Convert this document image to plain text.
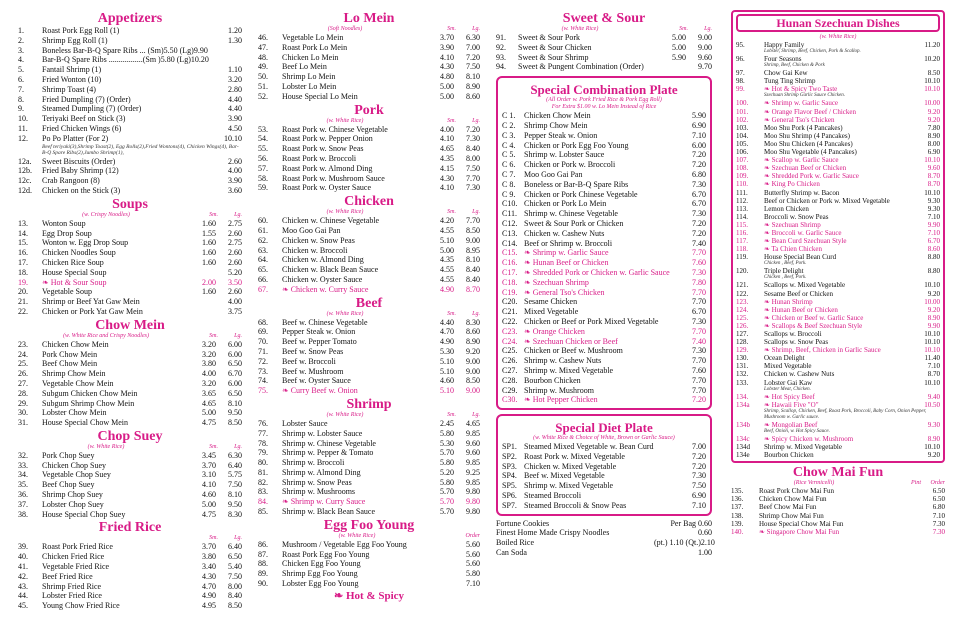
Appetizers
1.	Roast Pork Egg Roll (1)	1.20
2.	Shrimp Egg Roll (1)	1.30
3.	Boneless Bar-B-Q Spare Ribs ... (Sm)5.50 (Lg)9.90
4.	Bar-B-Q Spare Ribs .................(Sm )5.80 (Lg)10.20
5.	Fantail Shrimp (1)	1.10
6.	Fried Wonton (10)	3.20
7.	Shrimp Toast (4)	2.80
8.	Fried Dumpling (7) (Order)	4.40
9.	Steamed Dumpling (7) (Order)	4.40
10.	Teriyaki Beef on Stick (3)	3.90
11.	Fried Chicken Wings (6)	4.50
12.	Po Po Platter (For 2)	10.10
Beef teriyaki(3),Shrimp Toast(2), Egg Rolls(2),Fried Wontons(4), Chicken Wings(4), Bar-B-Q Spare Ribs(2),Jumbo Shrimp(1),
12a.	Sweet Biscuits (Order)	2.60
12b.	Fried Baby Shrimp (12)	4.00
12c.	Crab Rangoon (8)	3.90
12d.	Chicken on the Stick (3)	3.60
Soups
(w. Crispy Noodles)	Sm.	Lg.
13.	Wonton Soup	1.60	2.75
14.	Egg Drop Soup	1.55	2.60
15.	Wonton w. Egg Drop Soup	1.60	2.75
16.	Chicken Noodles Soup	1.60	2.60
17.	Chicken Rice Soup	1.60	2.60
18.	House Special Soup	5.20
19.	❧ Hot & Sour Soup	2.00	3.50
20.	Vegetable Soup	1.60	2.60
21.	Shrimp or Beef Yat Gaw Mein	4.00
22.	Chicken or Pork Yat Gaw Mein	3.75
Chow Mein
(w. White Rice and Crispy Noodles)	Sm.	Lg.
23.	Chicken Chow Mein	3.20	6.00
24.	Pork Chow Mein	3.20	6.00
25.	Beef Chow Mein	3.80	6.50
26.	Shrimp Chow Mein	4.00	6.70
27.	Vegetable Chow Mein	3.20	6.00
28.	Subgum Chicken Chow Mein	3.65	6.50
29.	Subgum Shrimp Chow Mein	4.65	8.10
30.	Lobster Chow Mein	5.00	9.50
31.	House Special Chow Mein	4.75	8.50
Chop Suey
(w. White Rice)	Sm.	Lg.
32.	Pork Chop Suey	3.45	6.30
33.	Chicken Chop Suey	3.70	6.40
34.	Vegetable Chop Suey	3.10	5.75
35.	Beef Chop Suey	4.10	7.50
36.	Shrimp Chop Suey	4.60	8.10
37.	Lobster Chop Suey	5.00	9.50
38.	House Special Chop Suey	4.75	8.30
Fried Rice
Sm.	Lg.
39.	Roast Pork Fried Rice	3.70	6.40
40.	Chicken Fried Rice	3.80	6.50
41.	Vegetable Fried Rice	3.40	5.40
42.	Beef Fried Rice	4.30	7.50
43.	Shrimp Fried Rice	4.70	8.00
44.	Lobster Fried Rice	4.90	8.40
45.	Young Chow Fried Rice	4.95	8.50
Lo Mein
(Soft Noodles)	Sm.	Lg.
46.	Vegetable Lo Mein	3.70	6.30
47.	Roast Pork Lo Mein	3.90	7.00
48.	Chicken Lo Mein	4.10	7.20
49.	Beef Lo Mein	4.30	7.50
50.	Shrimp Lo Mein	4.80	8.10
51.	Lobster Lo Mein	5.00	8.90
52.	House Special Lo Mein	5.00	8.60
Pork
(w. White Rice)	Sm.	Lg.
53.	Roast Pork w. Chinese Vegetable	4.00	7.20
54.	Roast Pork w. Pepper Onion	4.10	7.30
55.	Roast Pork w. Snow Peas	4.65	8.40
56.	Roast Pork w. Broccoli	4.35	8.00
57.	Roast Pork w. Almond Ding	4.15	7.50
58.	Roast Pork w. Mushroom Sauce	4.30	7.70
59.	Roast Pork w. Oyster Sauce	4.10	7.30
Chicken
(w. White Rice)	Sm.	Lg.
60.	Chicken w. Chinese Vegetable	4.20	7.70
61.	Moo Goo Gai Pan	4.55	8.50
62.	Chicken w. Snow Peas	5.10	9.00
63.	Chicken w. Broccoli	5.00	8.95
64.	Chicken w. Almond Ding	4.35	8.10
65.	Chicken w. Black Bean Sauce	4.55	8.40
66.	Chicken w. Oyster Sauce	4.55	8.40
67.	❧ Chicken w. Curry Sauce	4.90	8.70
Beef
(w. White Rice)	Sm.	Lg.
68.	Beef w. Chinese Vegetable	4.40	8.30
69.	Pepper Steak w. Onion	4.70	8.60
70.	Beef w. Pepper Tomato	4.90	8.90
71.	Beef w. Snow Peas	5.30	9.20
72.	Beef w. Broccoli	5.10	9.00
73.	Beef w. Mushroom	5.10	9.00
74.	Beef w. Oyster Sauce	4.60	8.50
75.	❧ Curry Beef w. Onion	5.10	9.00
Shrimp
(w. White Rice)	Sm.	Lg.
76.	Lobster Sauce	2.45	4.65
77.	Shrimp w. Lobster Sauce	5.80	9.85
78.	Shrimp w. Chinese Vegetable	5.30	9.60
79.	Shrimp w. Pepper & Tomato	5.70	9.60
80.	Shrimp w. Broccoli	5.80	9.85
81.	Shrimp w. Almond Ding	5.20	9.25
82.	Shrimp w. Snow Peas	5.80	9.85
83.	Shrimp w. Mushrooms	5.70	9.80
84.	❧ Shrimp w. Curry Sauce	5.70	9.80
85.	Shrimp w. Black Bean Sauce	5.70	9.80
Egg Foo Young
(w. White Rice)	Order
86.	Mushroom / Vegetable Egg Foo Young	5.60
87.	Roast Pork Egg Foo Young	5.60
88.	Chicken Egg Foo Young	5.60
89.	Shrimp Egg Foo Young	5.80
90.	Lobster Egg Foo Young	7.10
❧ Hot & Spicy
Sweet & Sour
(w. White Rice)	Sm.	Lg.
91.	Sweet & Sour Pork	5.00	9.00
92.	Sweet & Sour Chicken	5.00	9.00
93.	Sweet & Sour Shrimp	5.90	9.60
94.	Sweet & Pungent Combination (Order)	9.70
Special Combination Plate
(All Order w. Pork Fried Rice & Pork Egg Roll)
For Extra $1.00 w. Lo Mein Instead of Rice
C 1.	Chicken Chow Mein	5.90
C 2.	Shrimp Chow Mein	6.90
C 3.	Pepper Steak w. Onion	7.10
C 4.	Chicken or Pork Egg Foo Young	6.00
C 5.	Shrimp w. Lobster Sauce	7.20
C 6.	Chicken or Pork w. Broccoli	7.20
C 7.	Moo Goo Gai Pan	6.80
C 8.	Boneless or Bar-B-Q Spare Ribs	7.30
C 9.	Chicken or Pork Chinese Vegetable	6.70
C10. Chicken or Pork Lo Mein	6.70
C11. Shrimp w. Chinese Vegetable	7.30
C12. Sweet & Sour Pork or Chicken	7.20
C13. Chicken w. Cashew Nuts	7.20
C14. Beef or Shrimp w. Broccoli	7.40
C15. ❧ Shrimp w. Garlic Sauce	7.70
C16. ❧ Hunan Beef or Chicken	7.60
C17. ❧ Shredded Pork or Chicken w. Garlic Sauce	7.30
C18. ❧ Szechuan Shrimp	7.80
C19. ❧ General Tso's Chicken	7.70
C20. Sesame Chicken	7.70
C21. Mixed Vegetable	6.70
C22. Chicken or Beef or Pork Mixed Vegetable	7.30
C23. ❧ Orange Chicken	7.70
C24. ❧ Szechuan Chicken or Beef	7.40
C25. Chicken or Beef w. Mushroom	7.30
C26. Shrimp w. Cashew Nuts	7.70
C27. Shrimp w. Mixed Vegetable	7.60
C28. Bourbon Chicken	7.70
C29. Shrimp w. Mushroom	7.70
C30. ❧ Hot Pepper Chicken	7.20
Special Diet Plate
(w. White Rice & Choice of White, Brown or Garlic Sauce)
SP1. Steamed Mixed Vegetable w. Bean Curd	7.00
SP2. Roast Pork w. Mixed Vegetable	7.20
SP3. Chicken w. Mixed Vegetable	7.20
SP4. Beef w. Mixed Vegetable	7.30
SP5. Shrimp w. Mixed Vegetable	7.50
SP6. Steamed Broccoli	6.90
SP7. Steamed Broccoli & Snow Peas	7.10
Fortune Cookies	Per Bag 0.60
Finest Home Made Crispy Noodles	0.60
Boiled Rice	(pt.) 1.10 (Qt.)2.10
Can Soda	1.00
Hunan Szechuan Dishes
(w. White Rice)
95.	Happy Family	11.20
Lobster, Shrimp, Beef, Chicken, Pork & Scallop.
96.	Four Seasons	10.20
Shrimp, Beef, Chicken & Pork
97.	Chow Gai Kew	8.50
98.	Tung Ting Shrimp	10.10
99.	❧ Hot & Spicy Two Taste	10.10
Szechuan Shrimp Garlic Sauce Chicken.
100.	❧ Shrimp w. Garlic Sauce	10.00
101.	❧ Orange Flavor Beef / Chicken	9.20
102.	❧ General Tso's Chicken	9.20
103.	Moo Shu Pork (4 Pancakes)	7.80
104.	Moo Shu Shrimp (4 Pancakes)	8.90
105.	Moo Shu Chicken (4 Pancakes)	8.00
106.	Moo Shu Vegetable (4 Pancakes)	6.90
107.	❧ Scallop w. Garlic Sauce	10.10
108.	❧ Szechuan Beef or Chicken	9.60
109.	❧ Shredded Pork w. Garlic Sauce	8.70
110.	❧ King Po Chicken	8.70
111.	Butterfly Shrimp w. Bacon	10.10
112.	Beef or Chicken or Pork w. Mixed Vegetable	9.30
113.	Lemon Chicken	9.30
114.	Broccoli w. Snow Peas	7.10
115.	❧ Szechuan Shrimp	9.90
116.	❧ Broccoli w. Garlic Sauce	7.10
117.	❧ Bean Curd Szechuan Style	6.70
118.	❧ Ta Chien Chicken	8.60
119.	House Special Bean Curd	8.80
Chicken , Beef, Pork.
120.	Triple Delight	8.80
Chicken , Beef, Pork.
121.	Scallops w. Mixed Vegetable	10.10
122.	Sesame Beef or Chicken	9.20
123.	❧ Hunan Shrimp	10.00
124.	❧ Hunan Beef or Chicken	9.20
125.	❧ Chicken or Beef w. Garlic Sauce	8.90
126.	❧ Scallops & Beef Szechuan Style	9.90
127.	Scallops w. Broccoli	10.10
128.	Scallops w. Snow Peas	10.10
129.	❧ Shrimp, Beef, Chicken in Garlic Sauce	10.10
130.	Ocean Delight	11.40
131.	Mixed Vegetable	7.10
132.	Chicken w. Cashew Nuts	8.70
133.	Lobster Gai Kaw	10.10
Lobster Meat, Chicken.
134.	❧ Hot Spicy Beef	9.40
134a	❧ Hawaii Five "O"	10.50
Shrimp, Scallop, Chicken, Beef, Roast Pork, Broccoli, Baby Corn, Onion Pepper, Mushroom w. Garlic sauce.
134b	❧ Mongolian Beef	9.30
Beef, Onion, w. Hot Spicy Sauce.
134c	❧ Spicy Chicken w. Mushroom	8.90
134d	Shrimp w. Mixed Vegetable	10.10
134e	Bourbon Chicken	9.20
Chow Mai Fun
(Rice Vermicelli)	Pint	Order
135.	Roast Pork Chow Mai Fun	6.50
136.	Chicken Chow Mai Fun	6.50
137.	Beef Chow Mai Fun	6.80
138.	Shrimp Chow Mai Fun	7.10
139.	House Special Chow Mai Fun	7.30
140.	❧ Singapore Chow Mai Fun	7.30
